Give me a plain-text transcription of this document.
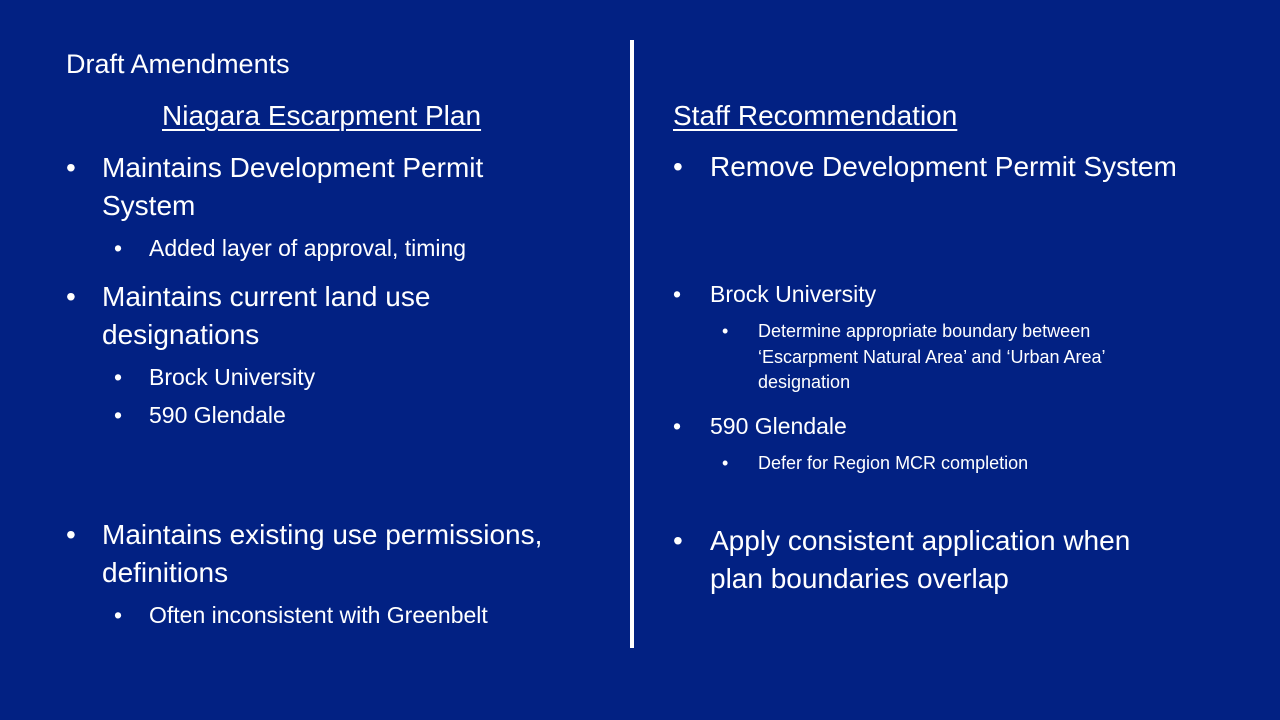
Draft Amendments
Niagara Escarpment Plan	Staff Recommendation
• Maintains Development Permit
System
• Added layer of approval, timing
• Maintains current land use
designations
• Brock University
• 590 Glendale
• Maintains existing use permissions,
definitions
• Often inconsistent with Greenbelt
• Remove Development Permit System
• Brock University
• Determine appropriate boundary between
‘Escarpment Natural Area’ and ‘Urban Area’
designation
• 590 Glendale
• Defer for Region MCR completion
• Apply consistent application when
plan boundaries overlap
